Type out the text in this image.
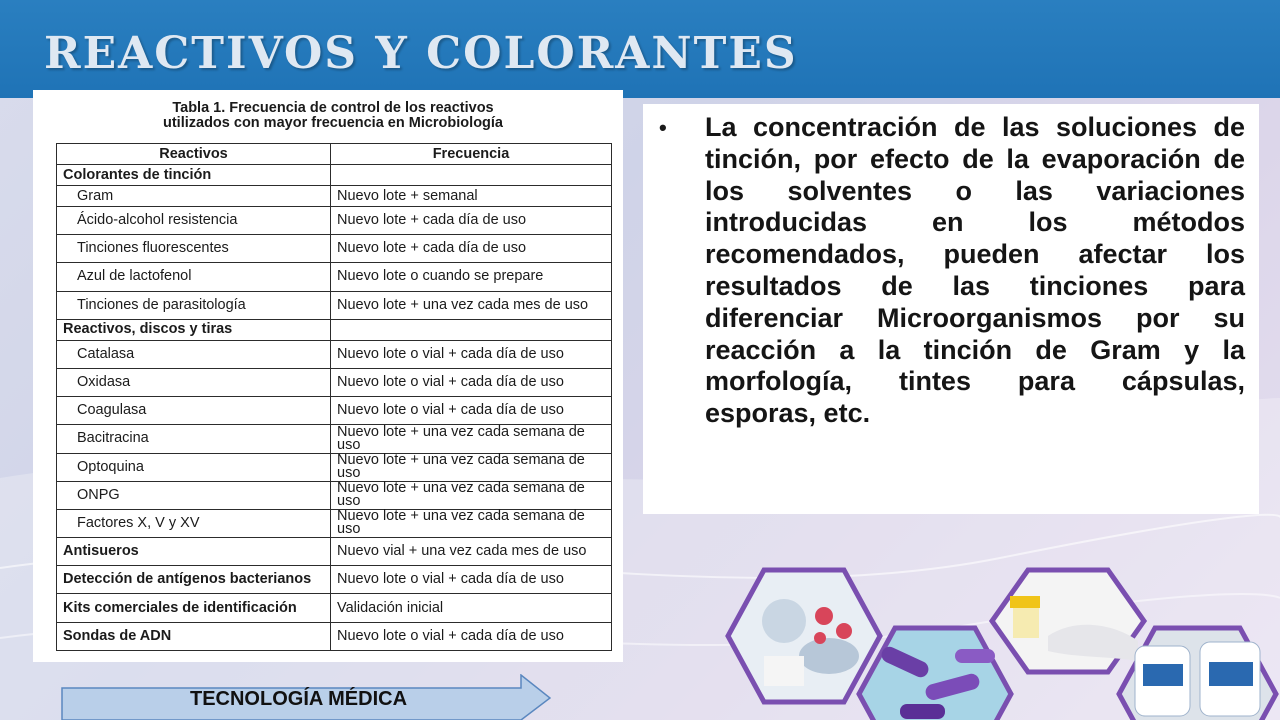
REACTIVOS Y COLORANTES
Tabla 1. Frecuencia de control de los reactivos
utilizados con mayor frecuencia en Microbiología
Reactivos	Frecuencia
Colorantes de tinción	
Gram	Nuevo lote + semanal
Ácido-alcohol resistencia	Nuevo lote + cada día de uso
Tinciones fluorescentes	Nuevo lote + cada día de uso
Azul de lactofenol	Nuevo lote o cuando se prepare
Tinciones de parasitología	Nuevo lote + una vez cada mes de uso
Reactivos, discos y tiras	
Catalasa	Nuevo lote o vial + cada día de uso
Oxidasa	Nuevo lote o vial + cada día de uso
Coagulasa	Nuevo lote o vial + cada día de uso
Bacitracina	Nuevo lote + una vez cada semana de uso
Optoquina	Nuevo lote + una vez cada semana de uso
ONPG	Nuevo lote + una vez cada semana de uso
Factores X, V y XV	Nuevo lote + una vez cada semana de uso
Antisueros	Nuevo vial + una vez cada mes de uso
Detección de antígenos bacterianos	Nuevo lote o vial + cada día de uso
Kits comerciales de identificación	Validación inicial
Sondas de ADN	Nuevo lote o vial + cada día de uso
• La concentración de las soluciones de tinción, por efecto de la evaporación de los solventes o las variaciones introducidas en los métodos recomendados, pueden afectar los resultados de las tinciones para diferenciar Microorganismos por su reacción a la tinción de Gram y la morfología, tintes para cápsulas, esporas, etc.

TECNOLOGÍA MÉDICA
